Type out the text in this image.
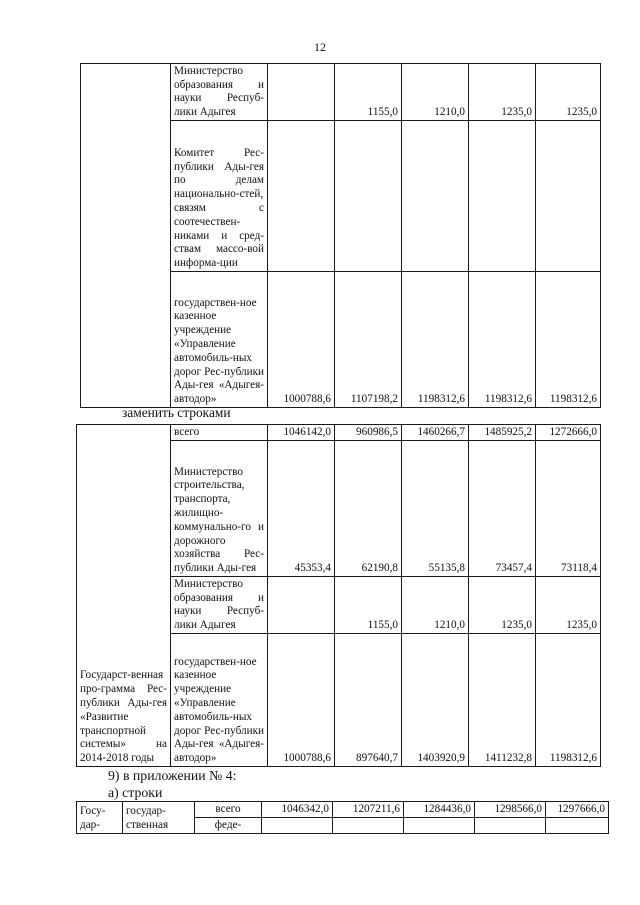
12
	Министерство образования и науки Респуб-лики Адыгея		1155,0	1210,0	1235,0	1235,0
	Комитет Рес-публики Ады-гея по делам национально-стей, связям с соотечествен-никами и сред-ствам массо-вой информа-ции					
	государствен-ное казенное учреждение «Управление автомобиль-ных дорог Рес-публики Ады-гея «Адыгея-автодор»	1000788,6	1107198,2	1198312,6	1198312,6	1198312,6
заменить строками
Государст-венная про-грамма Рес-публики Ады-гея «Развитие транспортной системы» на 2014-2018 годы	всего	1046142,0	960986,5	1460266,7	1485925,2	1272666,0
	Министерство строительства, транспорта, жилищно-коммунально-го и дорожного хозяйства Рес-публики Ады-гея	45353,4	62190,8	55135,8	73457,4	73118,4
	Министерство образования и науки Респуб-лики Адыгея		1155,0	1210,0	1235,0	1235,0
	государствен-ное казенное учреждение «Управление автомобиль-ных дорог Рес-публики Ады-гея «Адыгея-автодор»	1000788,6	897640,7	1403920,9	1411232,8	1198312,6
9) в приложении № 4:
а) строки
Госу-дар-	государ-ственная	всего	1046342,0	1207211,6	1284436,0	1298566,0	1297666,0
		феде-					
